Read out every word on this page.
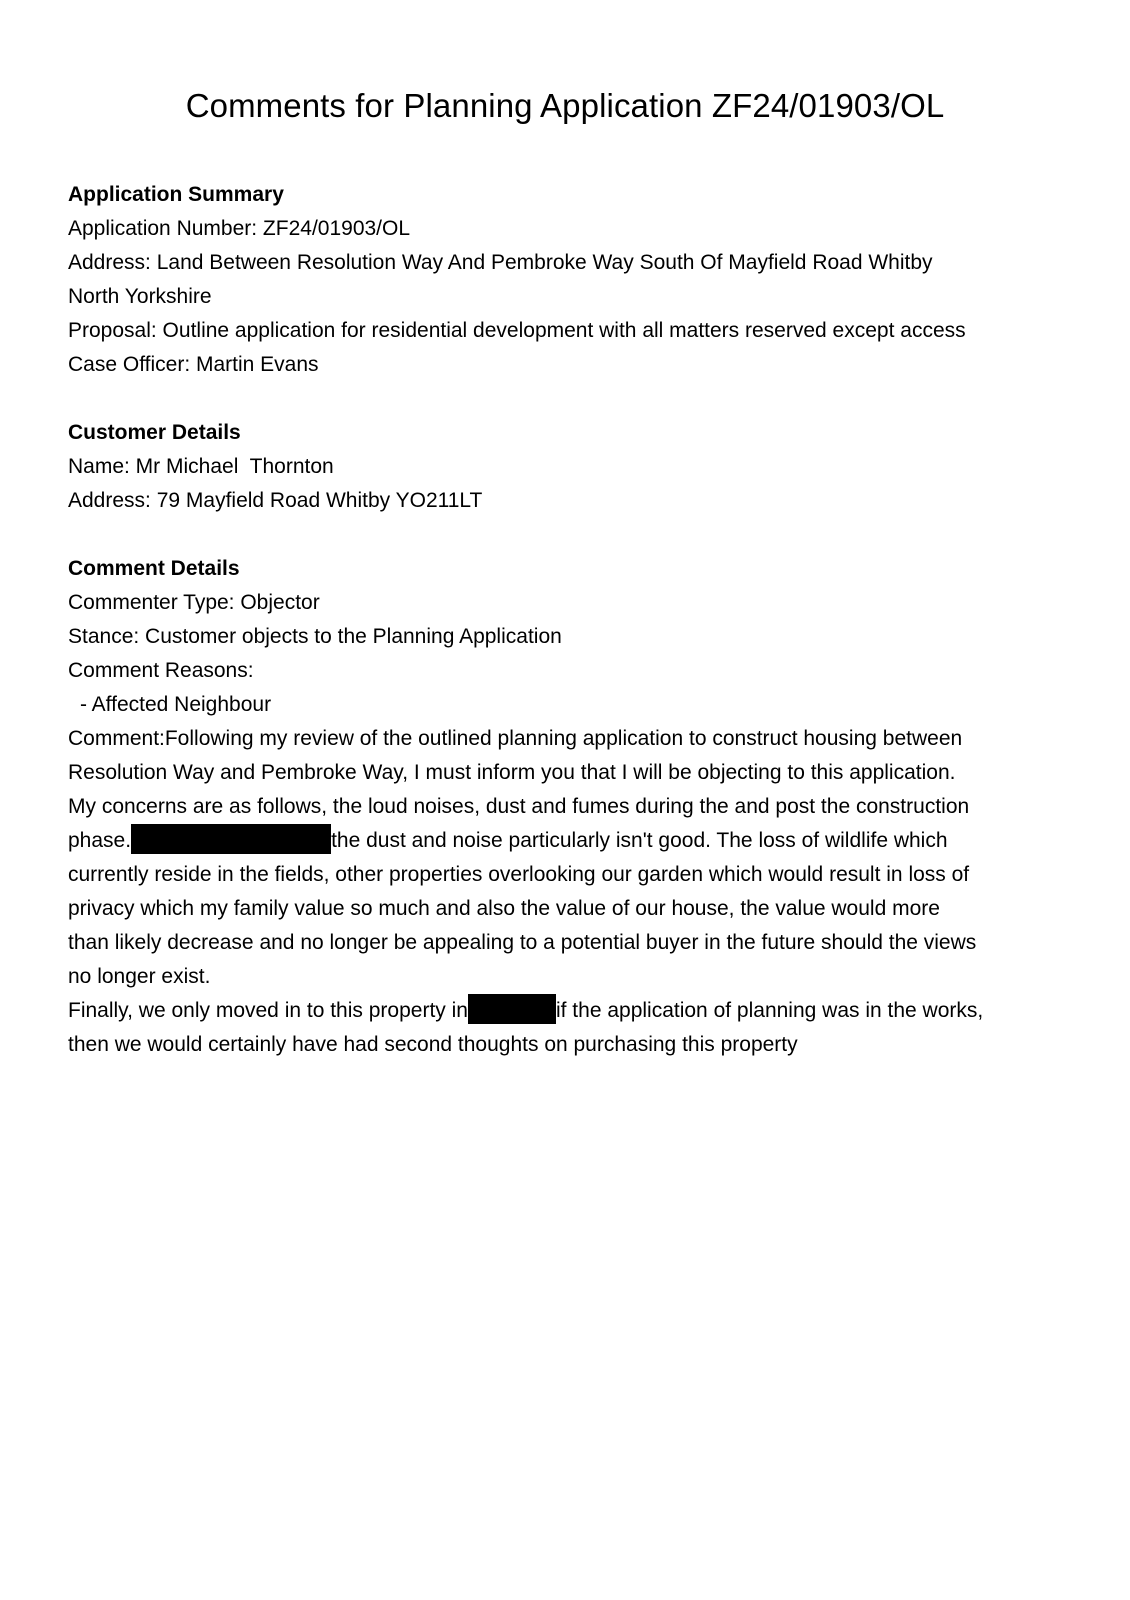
Comments for Planning Application ZF24/01903/OL
Application Summary
Application Number: ZF24/01903/OL
Address: Land Between Resolution Way And Pembroke Way South Of Mayfield Road Whitby
North Yorkshire
Proposal: Outline application for residential development with all matters reserved except access
Case Officer: Martin Evans
Customer Details
Name: Mr Michael  Thornton
Address: 79 Mayfield Road Whitby YO211LT
Comment Details
Commenter Type: Objector
Stance: Customer objects to the Planning Application
Comment Reasons:
- Affected Neighbour
Comment:Following my review of the outlined planning application to construct housing between
Resolution Way and Pembroke Way, I must inform you that I will be objecting to this application.
My concerns are as follows, the loud noises, dust and fumes during the and post the construction
phase.	the dust and noise particularly isn't good. The loss of wildlife which
currently reside in the fields, other properties overlooking our garden which would result in loss of
privacy which my family value so much and also the value of our house, the value would more
than likely decrease and no longer be appealing to a potential buyer in the future should the views
no longer exist.
Finally, we only moved in to this property in	if the application of planning was in the works,
then we would certainly have had second thoughts on purchasing this property
